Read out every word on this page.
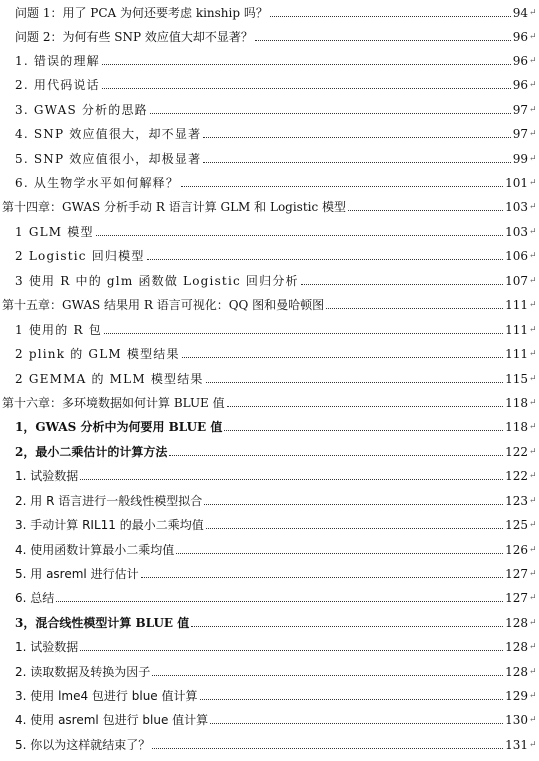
问题 1：用了 PCA 为何还要考虑 kinship 吗？	94 ↵
问题 2：为何有些 SNP 效应值大却不显著？	96 ↵
1. 错误的理解	96 ↵
2. 用代码说话	96 ↵
3. GWAS 分析的思路	97 ↵
4. SNP 效应值很大，却不显著	97 ↵
5. SNP 效应值很小，却极显著	99 ↵
6. 从生物学水平如何解释？	101 ↵
第十四章：GWAS 分析手动 R 语言计算 GLM 和 Logistic 模型	103 ↵
1 GLM 模型	103 ↵
2 Logistic 回归模型	106 ↵
3 使用 R 中的 glm 函数做 Logistic 回归分析	107 ↵
第十五章：GWAS 结果用 R 语言可视化：QQ 图和曼哈顿图	111 ↵
1 使用的 R 包	111 ↵
2 plink 的 GLM 模型结果	111 ↵
2 GEMMA 的 MLM 模型结果	115 ↵
第十六章：多环境数据如何计算 BLUE 值	118 ↵
1，GWAS 分析中为何要用 BLUE 值	118 ↵
2，最小二乘估计的计算方法	122 ↵
1. 试验数据	122 ↵
2. 用 R 语言进行一般线性模型拟合	123 ↵
3. 手动计算 RIL11 的最小二乘均值	125 ↵
4. 使用函数计算最小二乘均值	126 ↵
5. 用 asreml 进行估计	127 ↵
6. 总结	127 ↵
3，混合线性模型计算 BLUE 值	128 ↵
1. 试验数据	128 ↵
2. 读取数据及转换为因子	128 ↵
3. 使用 lme4 包进行 blue 值计算	129 ↵
4. 使用 asreml 包进行 blue 值计算	130 ↵
5. 你以为这样就结束了？	131 ↵
